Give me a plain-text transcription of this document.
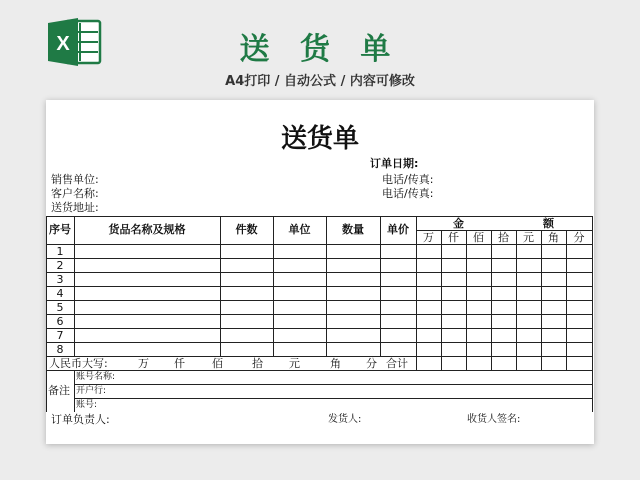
X	送 货 单
A4打印 / 自动公式 / 内容可修改
送货单
订单日期:
销售单位:
客户名称:
送货地址:
电话/传真:
电话/传真:
序号	货品名称及规格	件数	单位	数量	单价	金	额
万	仟	佰	拾	元	角	分
1
2
3
4
5
6
7
8
人民币大写:	万 仟 佰	拾 元	角 分 合计
备注
账号名称:
开户行:
账号:
订单负责人:	发货人:	收货人签名:
